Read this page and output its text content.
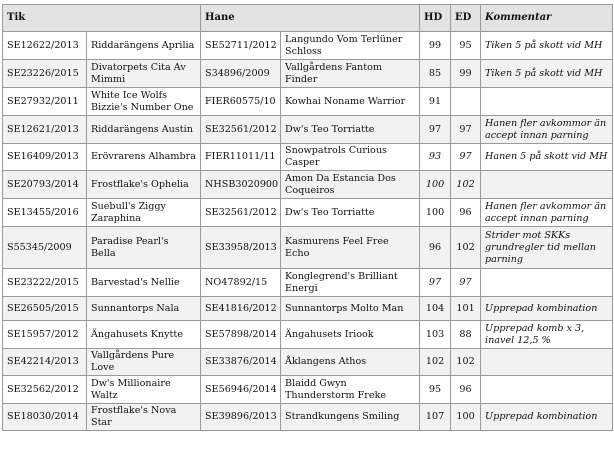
Tik		Hane		HD	ED	Kommentar
SE12622/2013	Riddarängens Aprilia	SE52711/2012	Langundo Vom Terlüner Schloss	99	95	Tiken 5 på skott vid MH
SE23226/2015	Divatorpets Cita Av Mimmi	S34896/2009	Vallgårdens Fantom Finder	85	99	Tiken 5 på skott vid MH
SE27932/2011	White Ice Wolfs Bizzie's Number One	FIER60575/10	Kowhai Noname Warrior	91		
SE12621/2013	Riddarängens Austin	SE32561/2012	Dw's Teo Torriatte	97	97	Hanen fler avkommor än accept innan parning
SE16409/2013	Erövrarens Alhambra	FIER11011/11	Snowpatrols Curious Casper	93	97	Hanen 5 på skott vid MH
SE20793/2014	Frostflake's Ophelia	NHSB3020900	Amon Da Estancia Dos Coqueiros	100	102	
SE13455/2016	Suebull's Ziggy Zaraphina	SE32561/2012	Dw's Teo Torriatte	100	96	Hanen fler avkommor än accept innan parning
S55345/2009	Paradise Pearl's Bella	SE33958/2013	Kasmurens Feel Free Echo	96	102	Strider mot SKKs grundregler tid mellan parning
SE23222/2015	Barvestad's Nellie	NO47892/15	Konglegrend's Brilliant Energi	97	97	
SE26505/2015	Sunnantorps Nala	SE41816/2012	Sunnantorps Molto Man	104	101	Upprepad kombination
SE15957/2012	Ängahusets Knytte	SE57898/2014	Ängahusets Iriook	103	88	Upprepad komb x 3, inavel 12,5 %
SE42214/2013	Vallgårdens Pure Love	SE33876/2014	Åklangens Athos	102	102	
SE32562/2012	Dw's Millionaire Waltz	SE56946/2014	Blaidd Gwyn Thunderstorm Freke	95	96	
SE18030/2014	Frostflake's Nova Star	SE39896/2013	Strandkungens Smiling	107	100	Upprepad kombination
